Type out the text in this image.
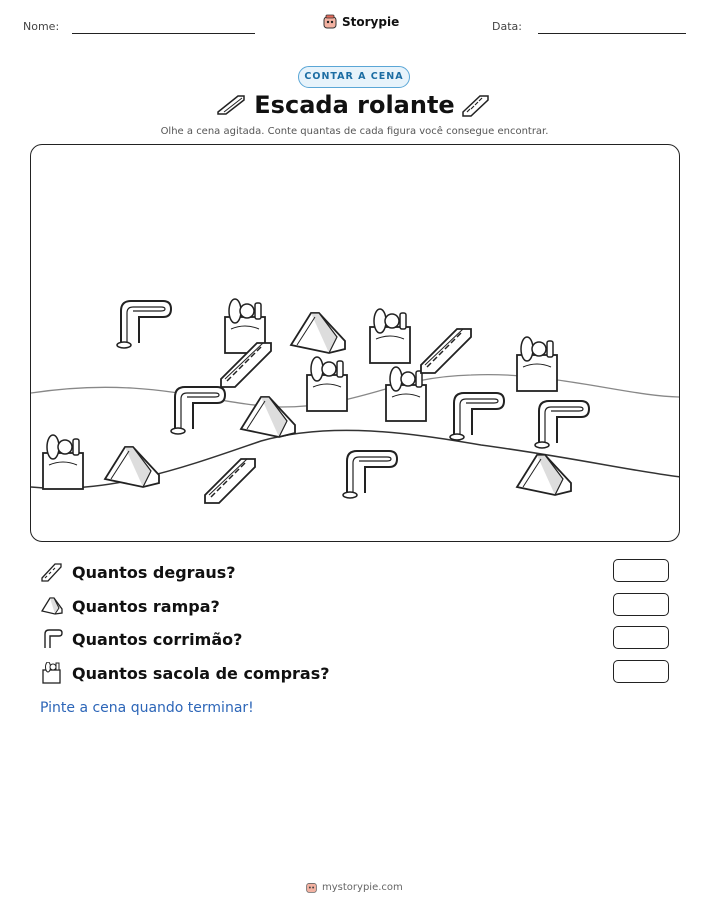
Nome:	Storypie	Data:
CONTAR A CENA
Escada rolante
Olhe a cena agitada. Conte quantas de cada figura você consegue encontrar.
Quantos degraus?
Quantos rampa?
Quantos corrimão?
Quantos sacola de compras?
Pinte a cena quando terminar!
mystorypie.com
